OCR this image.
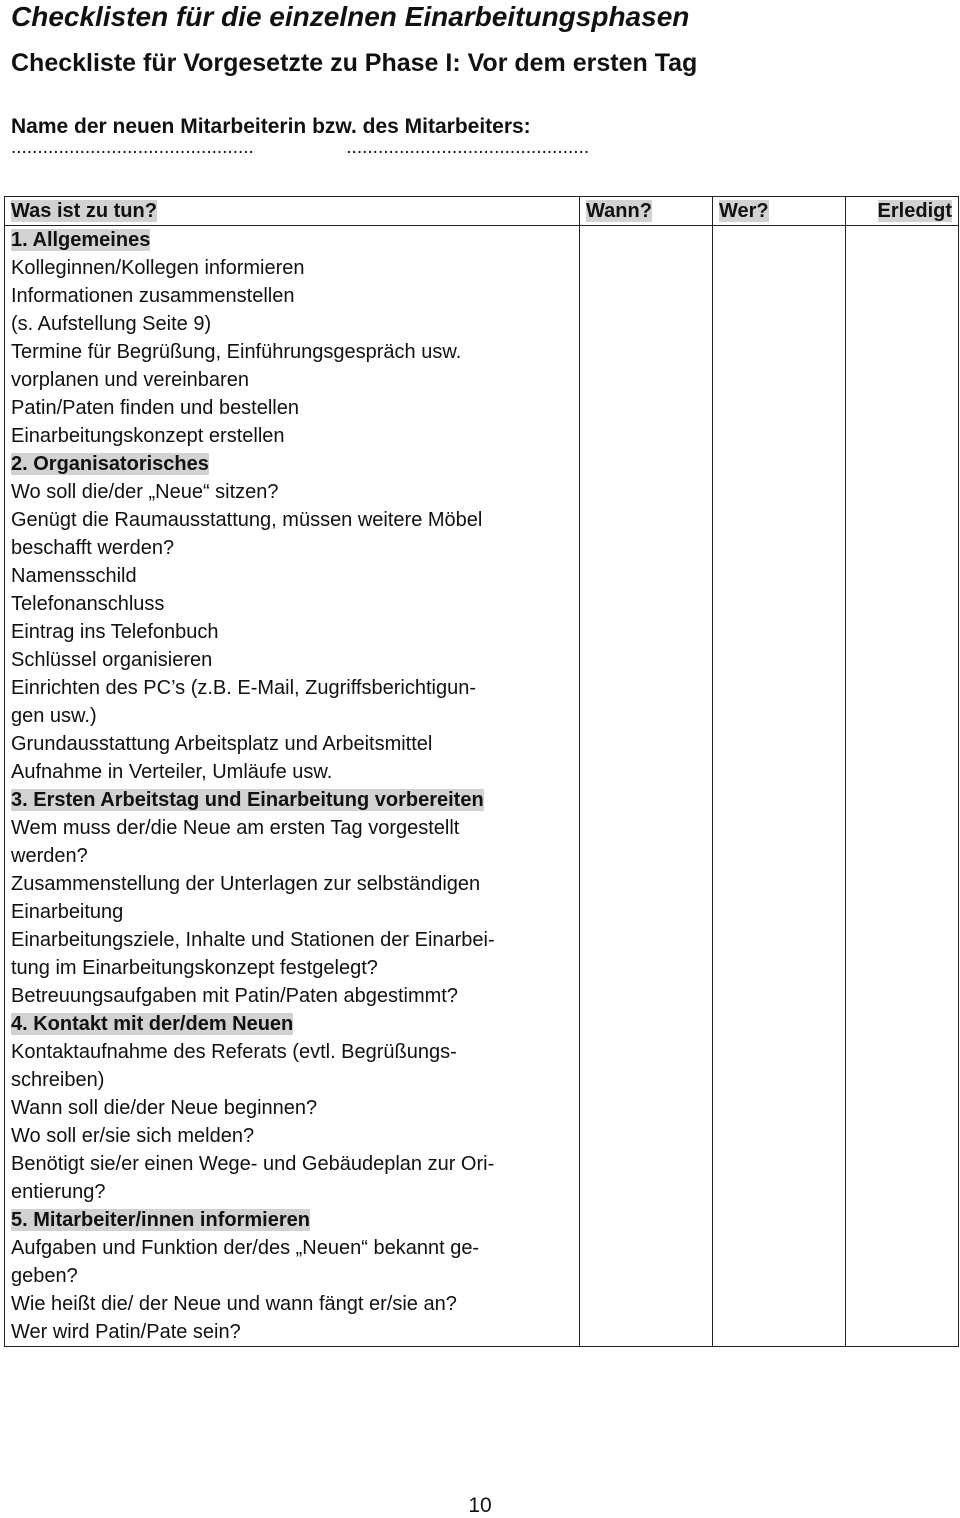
Checklisten für die einzelnen Einarbeitungsphasen
Checkliste für Vorgesetzte zu Phase I: Vor dem ersten Tag
Name der neuen Mitarbeiterin bzw. des Mitarbeiters:
..............................................	..............................................
Was ist zu tun?	Wann?	Wer?	Erledigt
1. Allgemeines			
Kolleginnen/Kollegen informieren			
Informationen zusammenstellen
(s. Aufstellung Seite 9)			
Termine für Begrüßung, Einführungsgespräch usw.
vorplanen und vereinbaren			
Patin/Paten finden und bestellen			
Einarbeitungskonzept erstellen			
2. Organisatorisches			
Wo soll die/der „Neue“ sitzen?			
Genügt die Raumausstattung, müssen weitere Möbel
beschafft werden?			
Namensschild			
Telefonanschluss			
Eintrag ins Telefonbuch			
Schlüssel organisieren			
Einrichten des PC’s (z.B. E-Mail, Zugriffsberichtigun-
gen usw.)			
Grundausstattung Arbeitsplatz und Arbeitsmittel			
Aufnahme in Verteiler, Umläufe usw.			
3. Ersten Arbeitstag und Einarbeitung vorbereiten			
Wem muss der/die Neue am ersten Tag vorgestellt
werden?			
Zusammenstellung der Unterlagen zur selbständigen
Einarbeitung			
Einarbeitungsziele, Inhalte und Stationen der Einarbei-
tung im Einarbeitungskonzept festgelegt?			
Betreuungsaufgaben mit Patin/Paten abgestimmt?			
4. Kontakt mit der/dem Neuen			
Kontaktaufnahme des Referats (evtl. Begrüßungs-
schreiben)			
Wann soll die/der Neue beginnen?			
Wo soll er/sie sich melden?			
Benötigt sie/er einen Wege- und Gebäudeplan zur Ori-
entierung?			
5. Mitarbeiter/innen informieren			
Aufgaben und Funktion der/des „Neuen“ bekannt ge-
geben?			
Wie heißt die/ der Neue und wann fängt er/sie an?			
Wer wird Patin/Pate sein?			
10
